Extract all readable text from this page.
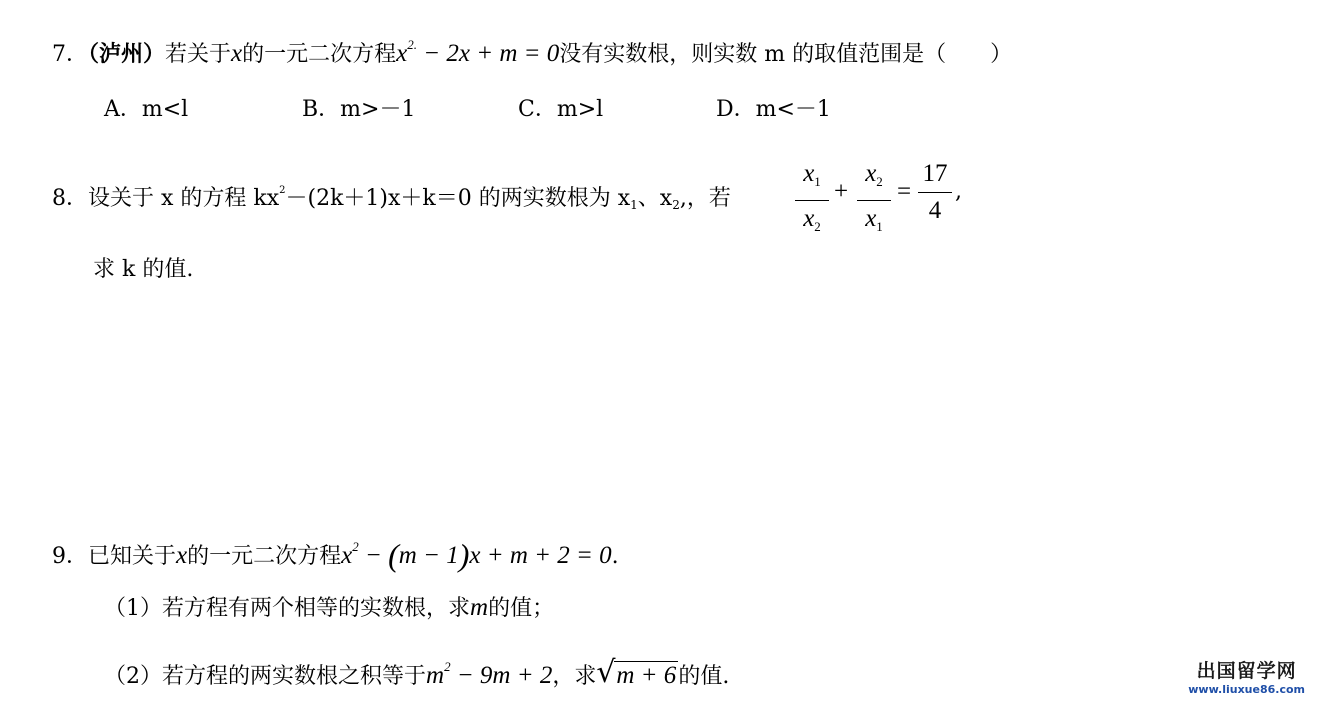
7．（泸州）若关于x的一元二次方程$x^{2.} - 2x + m = 0$没有实数根，则实数 m 的取值范围是（　　）
A．m<l	B．m>－1	C．m>l	D．m<－1
8．设关于 x 的方程 $kx^2-(2k+1)x+k=0$ 的两实数根为 $x_1$、$x_2$,，若
$x_1$
$x_2$
+
$x_2$
$x_1$
=
17
4
,
求 k 的值.
9．已知关于x的一元二次方程$x^2 - (m - 1)x + m + 2 = 0$.
（1）若方程有两个相等的实数根，求m的值；
（2）若方程的两实数根之积等于$m^2 - 9m + 2$，求 √ m + 6的值.	出国留学网
www.liuxue86.com
